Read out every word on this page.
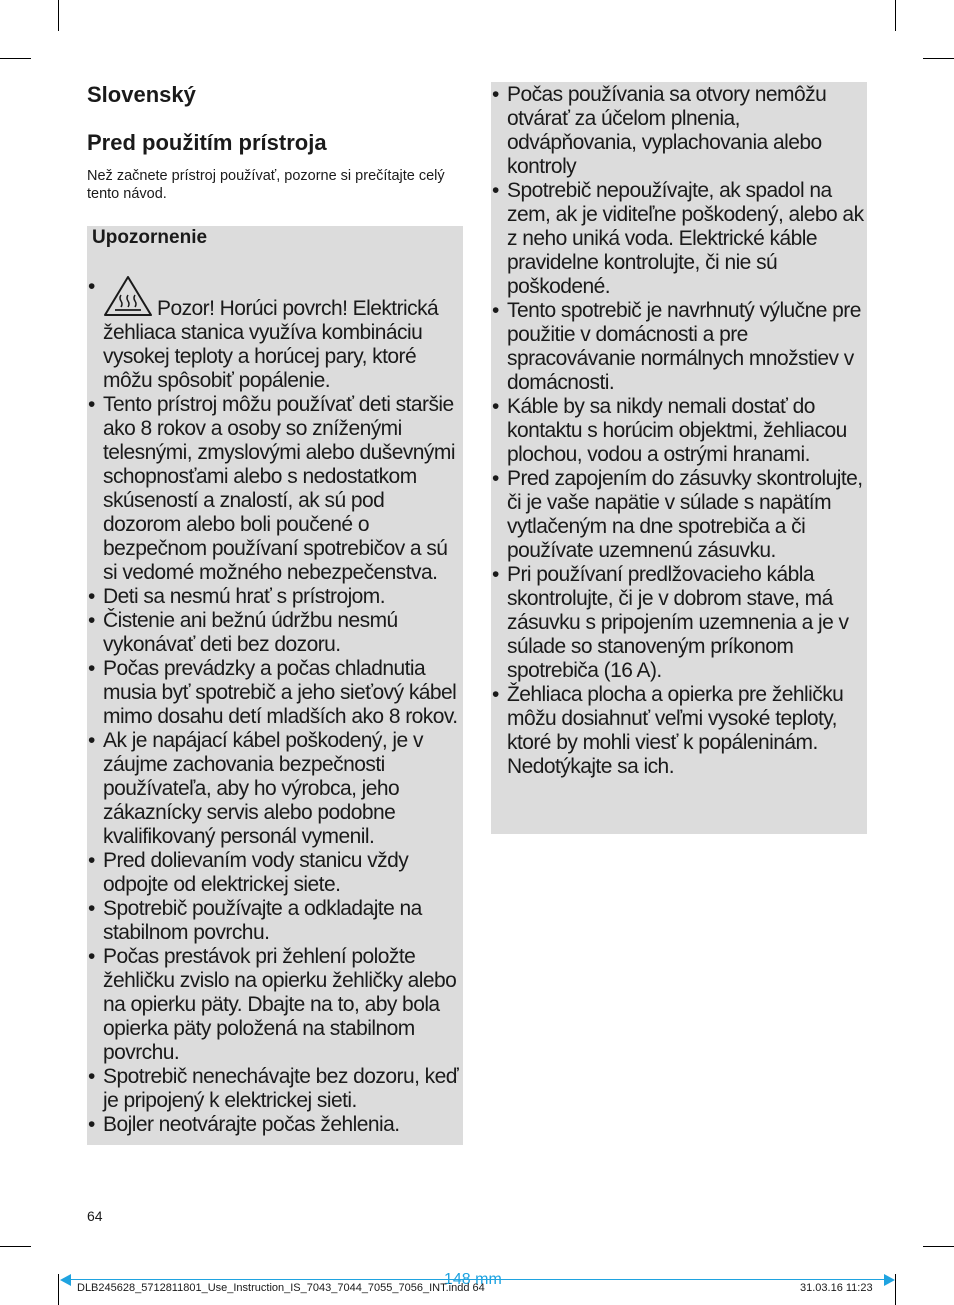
Slovenský
Pred použitím prístroja

Než začnete prístroj používať, pozorne si prečítajte celý tento návod.

Upozornenie

•
Pozor! Horúci povrch! Elektrická žehliaca stanica využíva kombináciu vysokej teploty a horúcej pary, ktoré môžu spôsobiť popálenie.
• Tento prístroj môžu používať deti staršie ako 8 rokov a osoby so zníženými telesnými, zmyslovými alebo duševnými schopnosťami alebo s nedostatkom skúseností a znalostí, ak sú pod dozorom alebo boli poučené o bezpečnom používaní spotrebičov a sú si vedomé možného nebezpečenstva.
• Deti sa nesmú hrať s prístrojom.
• Čistenie ani bežnú údržbu nesmú vykonávať deti bez dozoru.
• Počas prevádzky a počas chladnutia musia byť spotrebič a jeho sieťový kábel mimo dosahu detí mladších ako 8 rokov.
• Ak je napájací kábel poškodený, je v záujme zachovania bezpečnosti používateľa, aby ho výrobca, jeho zákaznícky servis alebo podobne kvalifikovaný personál vymenil.
• Pred dolievaním vody stanicu vždy odpojte od elektrickej siete.
• Spotrebič používajte a odkladajte na stabilnom povrchu.
• Počas prestávok pri žehlení položte žehličku zvislo na opierku žehličky alebo na opierku päty. Dbajte na to, aby bola opierka päty položená na stabilnom povrchu.
• Spotrebič nenechávajte bez dozoru, keď je pripojený k elektrickej sieti.
• Bojler neotvárajte počas žehlenia.
• Počas používania sa otvory nemôžu otvárať za účelom plnenia, odvápňovania, vyplachovania alebo kontroly
• Spotrebič nepoužívajte, ak spadol na zem, ak je viditeľne poškodený, alebo ak z neho uniká voda. Elektrické káble pravidelne kontrolujte, či nie sú poškodené.
• Tento spotrebič je navrhnutý výlučne pre použitie v domácnosti a pre spracovávanie normálnych množstiev v domácnosti.
• Káble by sa nikdy nemali dostať do kontaktu s horúcim objektmi, žehliacou plochou, vodou a ostrými hranami.
• Pred zapojením do zásuvky skontrolujte, či je vaše napätie v súlade s napätím vytlačeným na dne spotrebiča a či používate uzemnenú zásuvku.
• Pri používaní predlžovacieho kábla skontrolujte, či je v dobrom stave, má zásuvku s pripojením uzemnenia a je v súlade so stanoveným príkonom spotrebiča (16 A).
• Žehliaca plocha a opierka pre žehličku môžu dosiahnuť veľmi vysoké teploty, ktoré by mohli viesť k popáleninám. Nedotýkajte sa ich.

64

148 mm

DLB245628_5712811801_Use_Instruction_IS_7043_7044_7055_7056_INT.indd 64	31.03.16 11:23
